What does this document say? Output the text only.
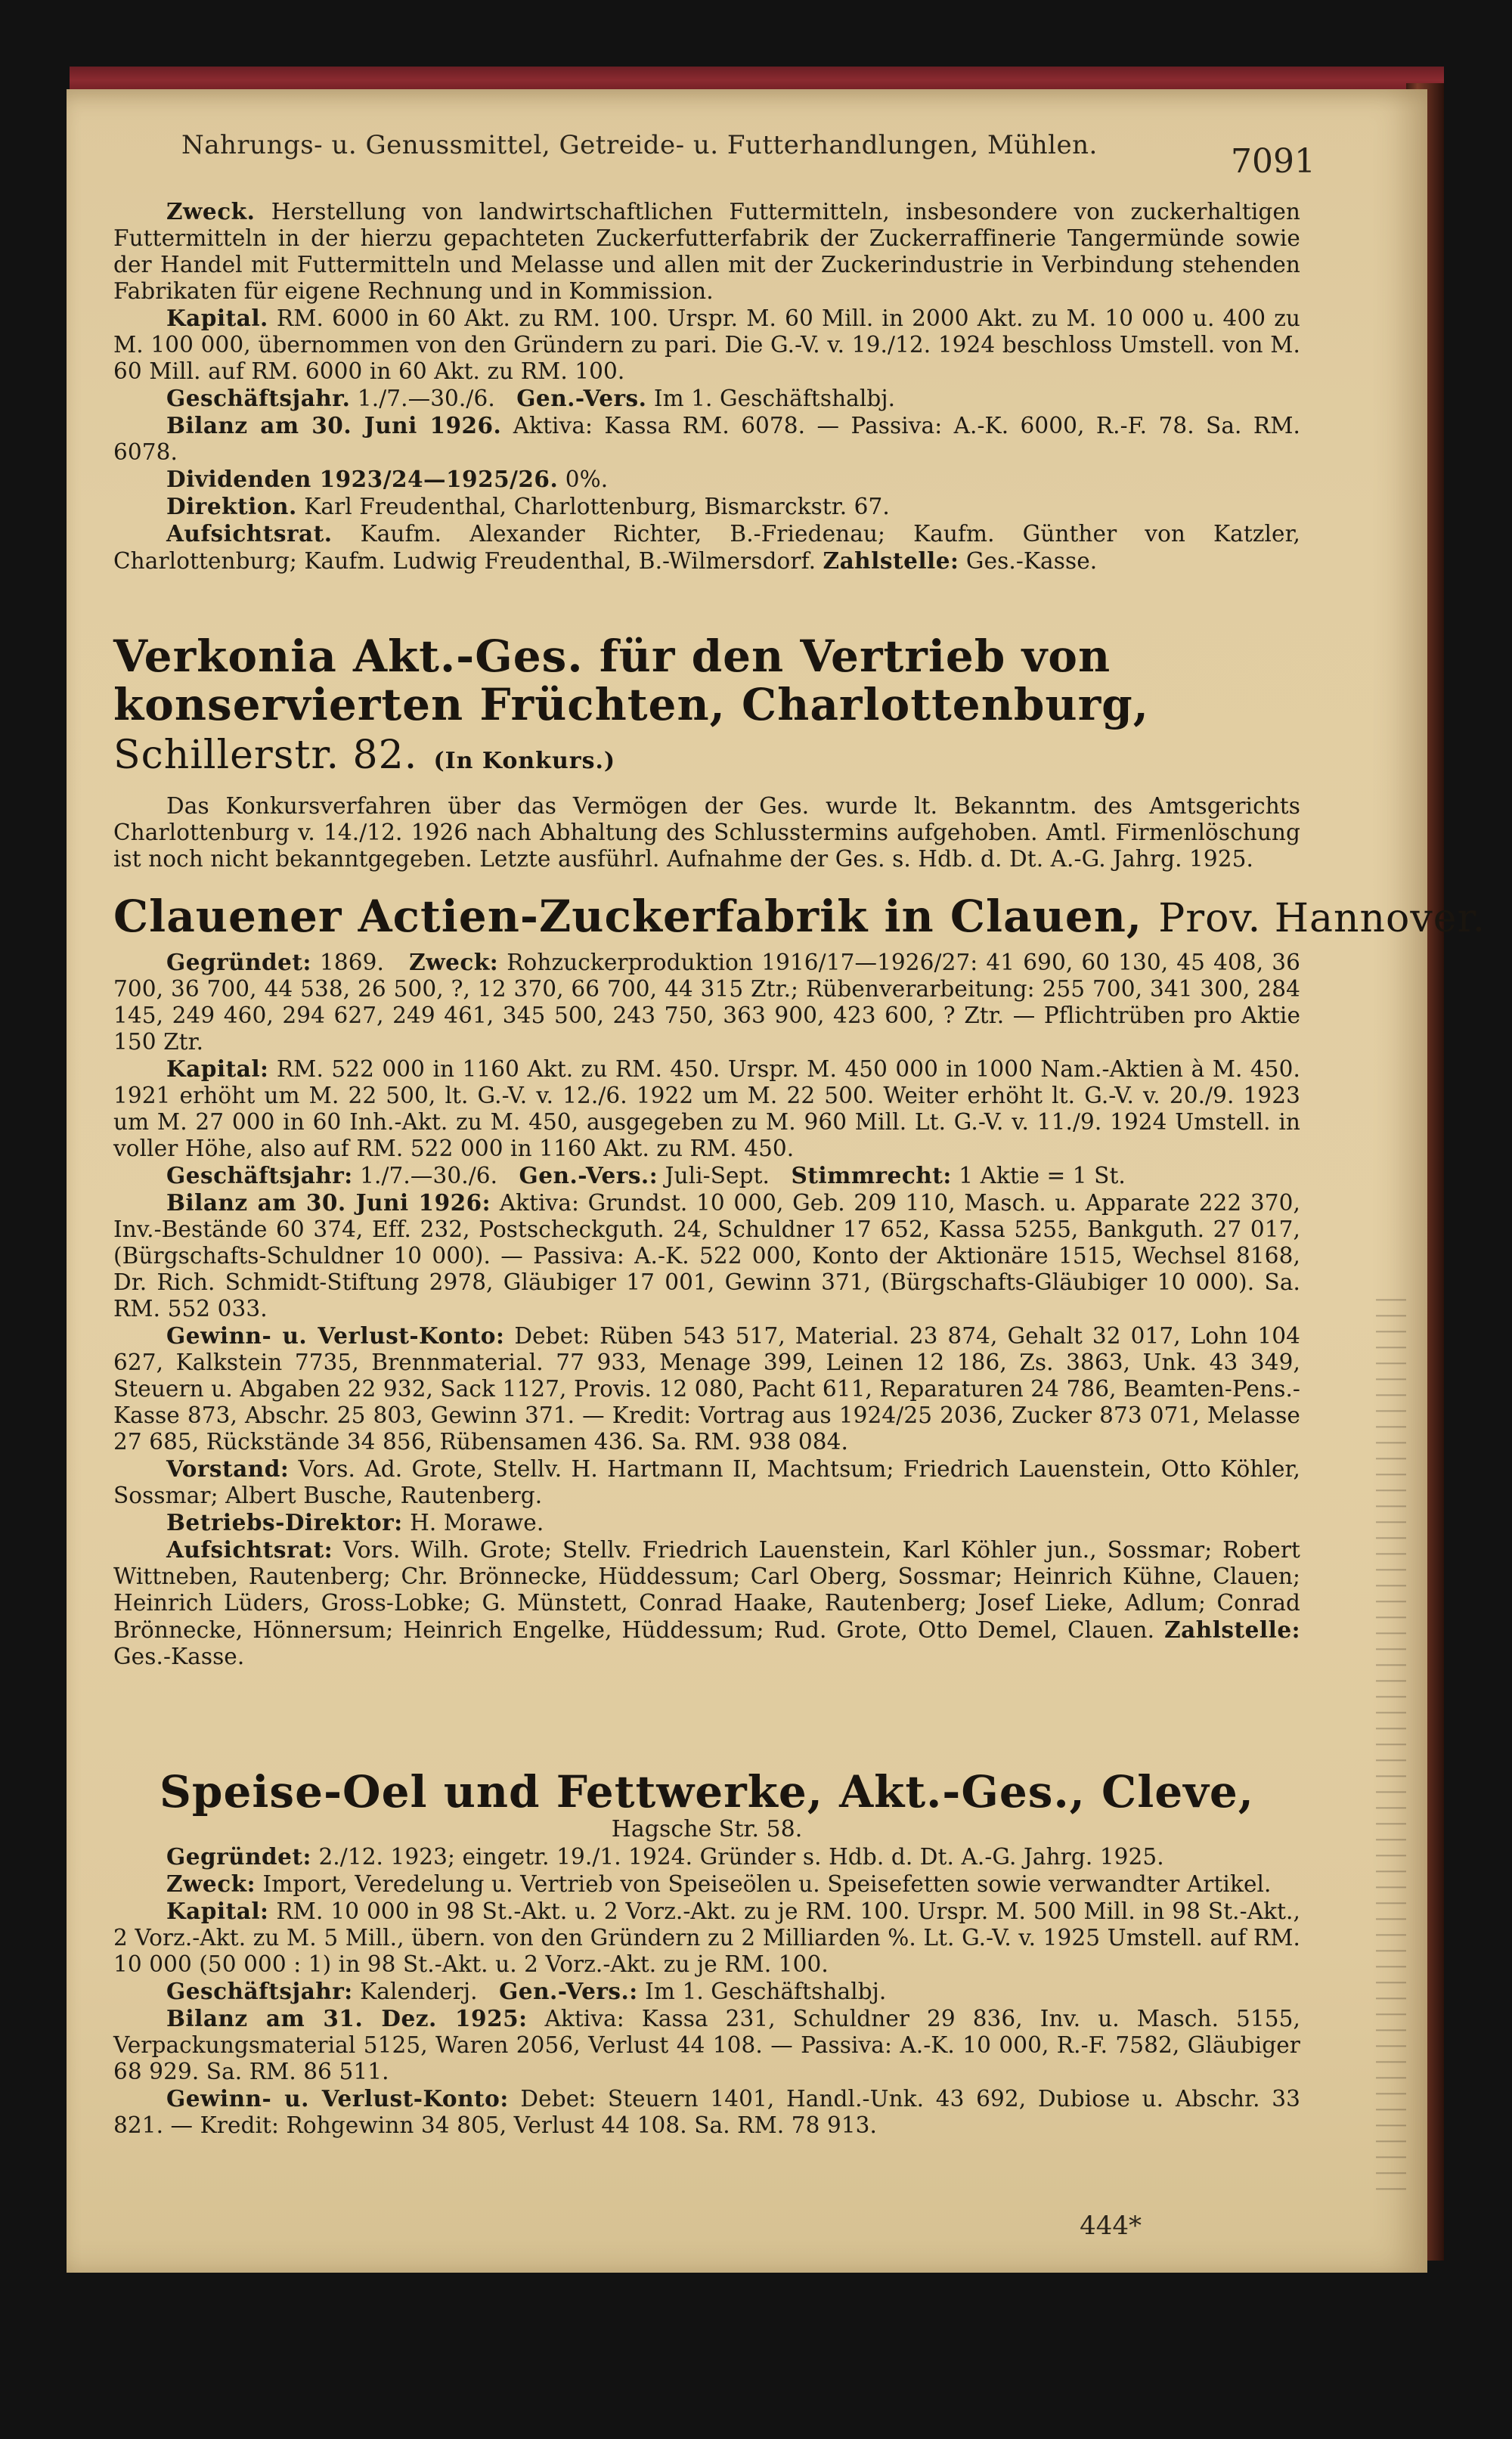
Nahrungs- u. Genussmittel, Getreide- u. Futterhandlungen, Mühlen.	7091

Zweck. Herstellung von landwirtschaftlichen Futtermitteln, insbesondere von zuckerhaltigen Futtermitteln in der hierzu gepachteten Zuckerfutterfabrik der Zuckerraffinerie Tangermünde sowie der Handel mit Futtermitteln und Melasse und allen mit der Zuckerindustrie in Verbindung stehenden Fabrikaten für eigene Rechnung und in Kommission.

Kapital. RM. 6000 in 60 Akt. zu RM. 100. Urspr. M. 60 Mill. in 2000 Akt. zu M. 10 000 u. 400 zu M. 100 000, übernommen von den Gründern zu pari. Die G.-V. v. 19./12. 1924 beschloss Umstell. von M. 60 Mill. auf RM. 6000 in 60 Akt. zu RM. 100.

Geschäftsjahr. 1./7.—30./6. Gen.-Vers. Im 1. Geschäftshalbj.

Bilanz am 30. Juni 1926. Aktiva: Kassa RM. 6078. — Passiva: A.-K. 6000, R.-F. 78. Sa. RM. 6078.

Dividenden 1923/24—1925/26. 0%.

Direktion. Karl Freudenthal, Charlottenburg, Bismarckstr. 67.

Aufsichtsrat. Kaufm. Alexander Richter, B.-Friedenau; Kaufm. Günther von Katzler, Charlottenburg; Kaufm. Ludwig Freudenthal, B.-Wilmersdorf. Zahlstelle: Ges.-Kasse.

Verkonia Akt.-Ges. für den Vertrieb von konservierten Früchten, Charlottenburg, Schillerstr. 82. (In Konkurs.)

Das Konkursverfahren über das Vermögen der Ges. wurde lt. Bekanntm. des Amtsgerichts Charlottenburg v. 14./12. 1926 nach Abhaltung des Schlusstermins aufgehoben. Amtl. Firmenlöschung ist noch nicht bekanntgegeben. Letzte ausführl. Aufnahme der Ges. s. Hdb. d. Dt. A.-G. Jahrg. 1925.

Clauener Actien-Zuckerfabrik in Clauen, Prov. Hannover.

Gegründet: 1869. Zweck: Rohzuckerproduktion 1916/17—1926/27: 41 690, 60 130, 45 408, 36 700, 36 700, 44 538, 26 500, ?, 12 370, 66 700, 44 315 Ztr.; Rübenverarbeitung: 255 700, 341 300, 284 145, 249 460, 294 627, 249 461, 345 500, 243 750, 363 900, 423 600, ? Ztr. — Pflichtrüben pro Aktie 150 Ztr.

Kapital: RM. 522 000 in 1160 Akt. zu RM. 450. Urspr. M. 450 000 in 1000 Nam.-Aktien à M. 450. 1921 erhöht um M. 22 500, lt. G.-V. v. 12./6. 1922 um M. 22 500. Weiter erhöht lt. G.-V. v. 20./9. 1923 um M. 27 000 in 60 Inh.-Akt. zu M. 450, ausgegeben zu M. 960 Mill. Lt. G.-V. v. 11./9. 1924 Umstell. in voller Höhe, also auf RM. 522 000 in 1160 Akt. zu RM. 450.

Geschäftsjahr: 1./7.—30./6. Gen.-Vers.: Juli-Sept. Stimmrecht: 1 Aktie = 1 St.

Bilanz am 30. Juni 1926: Aktiva: Grundst. 10 000, Geb. 209 110, Masch. u. Apparate 222 370, Inv.-Bestände 60 374, Eff. 232, Postscheckguth. 24, Schuldner 17 652, Kassa 5255, Bankguth. 27 017, (Bürgschafts-Schuldner 10 000). — Passiva: A.-K. 522 000, Konto der Aktionäre 1515, Wechsel 8168, Dr. Rich. Schmidt-Stiftung 2978, Gläubiger 17 001, Gewinn 371, (Bürgschafts-Gläubiger 10 000). Sa. RM. 552 033.

Gewinn- u. Verlust-Konto: Debet: Rüben 543 517, Material. 23 874, Gehalt 32 017, Lohn 104 627, Kalkstein 7735, Brennmaterial. 77 933, Menage 399, Leinen 12 186, Zs. 3863, Unk. 43 349, Steuern u. Abgaben 22 932, Sack 1127, Provis. 12 080, Pacht 611, Reparaturen 24 786, Beamten-Pens.-Kasse 873, Abschr. 25 803, Gewinn 371. — Kredit: Vortrag aus 1924/25 2036, Zucker 873 071, Melasse 27 685, Rückstände 34 856, Rübensamen 436. Sa. RM. 938 084.

Vorstand: Vors. Ad. Grote, Stellv. H. Hartmann II, Machtsum; Friedrich Lauenstein, Otto Köhler, Sossmar; Albert Busche, Rautenberg.

Betriebs-Direktor: H. Morawe.

Aufsichtsrat: Vors. Wilh. Grote; Stellv. Friedrich Lauenstein, Karl Köhler jun., Sossmar; Robert Wittneben, Rautenberg; Chr. Brönnecke, Hüddessum; Carl Oberg, Sossmar; Heinrich Kühne, Clauen; Heinrich Lüders, Gross-Lobke; G. Münstett, Conrad Haake, Rautenberg; Josef Lieke, Adlum; Conrad Brönnecke, Hönnersum; Heinrich Engelke, Hüddessum; Rud. Grote, Otto Demel, Clauen. Zahlstelle: Ges.-Kasse.

Speise-Oel und Fettwerke, Akt.-Ges., Cleve,

Hagsche Str. 58.

Gegründet: 2./12. 1923; eingetr. 19./1. 1924. Gründer s. Hdb. d. Dt. A.-G. Jahrg. 1925.

Zweck: Import, Veredelung u. Vertrieb von Speiseölen u. Speisefetten sowie verwandter Artikel.

Kapital: RM. 10 000 in 98 St.-Akt. u. 2 Vorz.-Akt. zu je RM. 100. Urspr. M. 500 Mill. in 98 St.-Akt., 2 Vorz.-Akt. zu M. 5 Mill., übern. von den Gründern zu 2 Milliarden %. Lt. G.-V. v. 1925 Umstell. auf RM. 10 000 (50 000 : 1) in 98 St.-Akt. u. 2 Vorz.-Akt. zu je RM. 100.

Geschäftsjahr: Kalenderj. Gen.-Vers.: Im 1. Geschäftshalbj.

Bilanz am 31. Dez. 1925: Aktiva: Kassa 231, Schuldner 29 836, Inv. u. Masch. 5155, Verpackungsmaterial 5125, Waren 2056, Verlust 44 108. — Passiva: A.-K. 10 000, R.-F. 7582, Gläubiger 68 929. Sa. RM. 86 511.

Gewinn- u. Verlust-Konto: Debet: Steuern 1401, Handl.-Unk. 43 692, Dubiose u. Abschr. 33 821. — Kredit: Rohgewinn 34 805, Verlust 44 108. Sa. RM. 78 913.

444*
